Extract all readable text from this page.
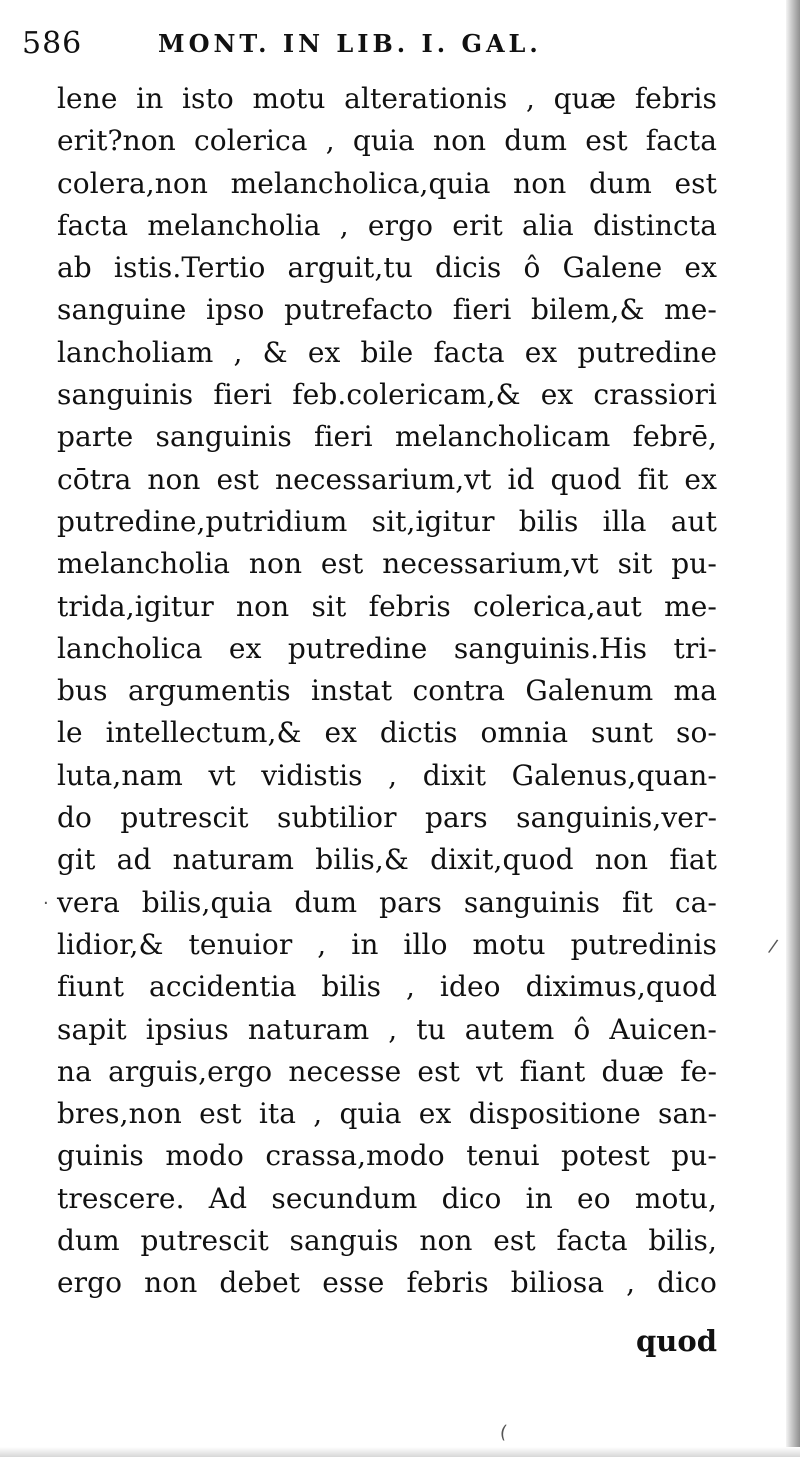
586	MONT. IN LIB. I. GAL.
lene in isto motu alterationis , quæ febris
erit?non colerica , quia non dum est facta
colera,non melancholica,quia non dum est
facta melancholia , ergo erit alia distincta
ab istis.Tertio arguit,tu dicis ô Galene ex
sanguine ipso putrefacto fieri bilem,& me-
lancholiam , & ex bile facta ex putredine
sanguinis fieri feb.colericam,& ex crassiori
parte sanguinis fieri melancholicam febrē,
cōtra non est necessarium,vt id quod fit ex
putredine,putridium sit,igitur bilis illa aut
melancholia non est necessarium,vt sit pu-
trida,igitur non sit febris colerica,aut me-
lancholica ex putredine sanguinis.His tri-
bus argumentis instat contra Galenum ma
le intellectum,& ex dictis omnia sunt so-
luta,nam vt vidistis , dixit Galenus,quan-
do putrescit subtilior pars sanguinis,ver-
git ad naturam bilis,& dixit,quod non fiat
vera bilis,quia dum pars sanguinis fit ca-
lidior,& tenuior , in illo motu putredinis
fiunt accidentia bilis , ideo diximus,quod
sapit ipsius naturam , tu autem ô Auicen-
na arguis,ergo necesse est vt fiant duæ fe-
bres,non est ita , quia ex dispositione san-
guinis modo crassa,modo tenui potest pu-
trescere. Ad secundum dico in eo motu,
dum putrescit sanguis non est facta bilis,
ergo non debet esse febris biliosa , dico
quod
·
/
(
